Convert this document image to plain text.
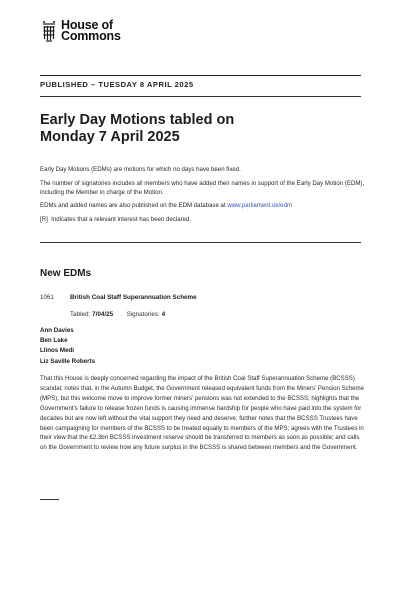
House of
Commons
PUBLISHED – TUESDAY 8 APRIL 2025
Early Day Motions tabled on
Monday 7 April 2025

Early Day Motions (EDMs) are motions for which no days have been fixed.

The number of signatories includes all members who have added their names in support of the Early Day Motion (EDM), including the Member in charge of the Motion.

EDMs and added names are also published on the EDM database at www.parliament.uk/edm

[R]  Indicates that a relevant interest has been declared.

New EDMs
1061	British Coal Staff Superannuation Scheme
Tabled: 7/04/25 Signatories: 4
Ann Davies
Ben Lake
Llinos Medi
Liz Saville Roberts

That this House is deeply concerned regarding the impact of the British Coal Staff Superannuation Scheme (BCSSS) scandal; notes that, in the Autumn Budget, the Government released equivalent funds from the Miners’ Pension Scheme (MPS), but this welcome move to improve former miners’ pensions was not extended to the BCSSS; highlights that the Government’s failure to release frozen funds is causing immense hardship for people who have paid into the system for decades but are now left without the vital support they need and deserve; further notes that the BCSSS Trustees have been campaigning for members of the BCSSS to be treated equally to members of the MPS; agrees with the Trustees in their view that the £2.3bn BCSSS investment reserve should be transferred to members as soon as possible; and calls on the Government to review how any future surplus in the BCSSS is shared between members and the Government.
